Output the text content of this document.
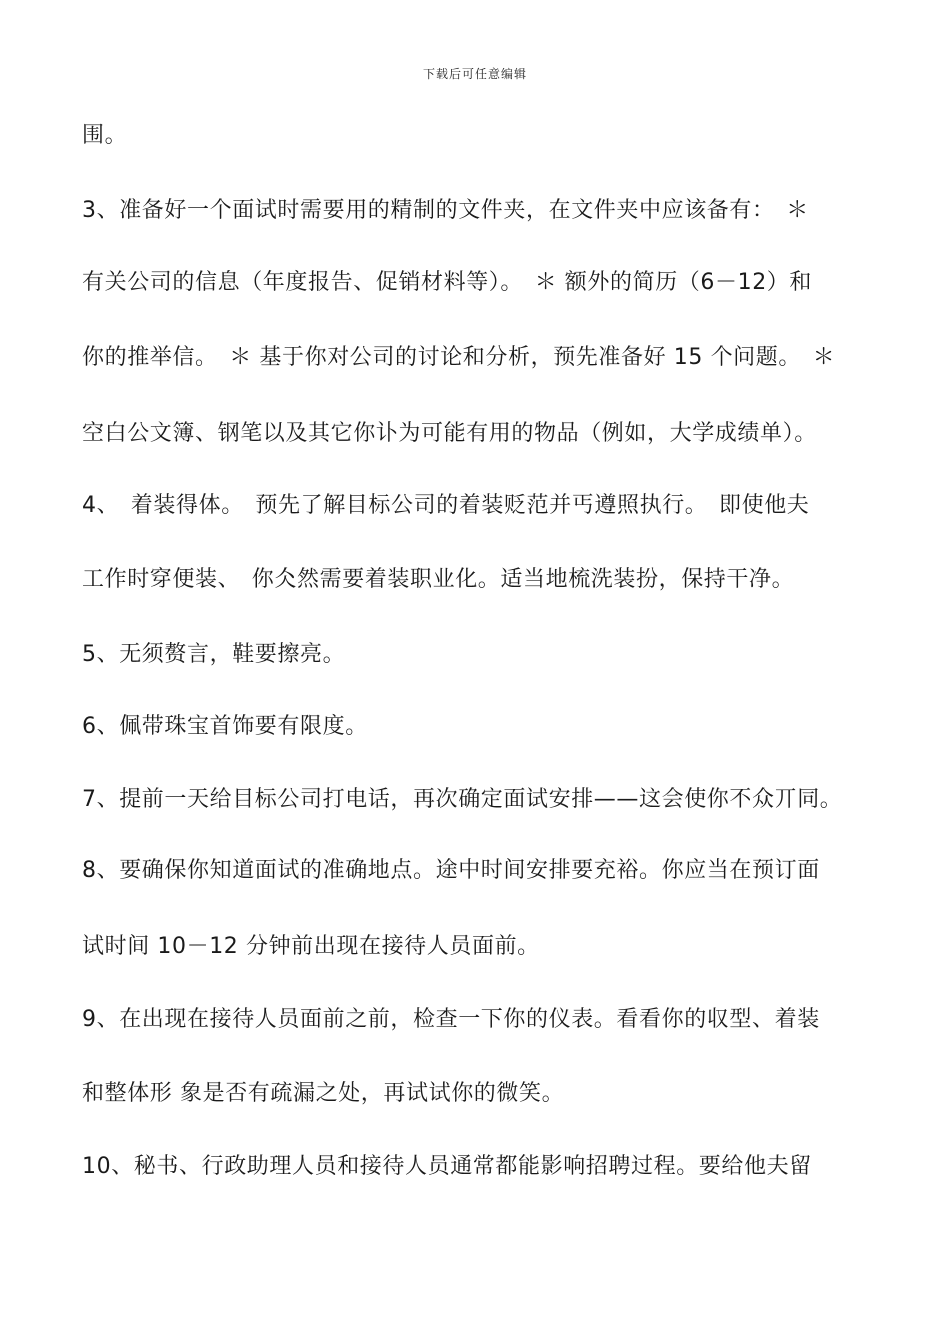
下载后可任意编辑
围。
3、准备好一个面试时需要用的精制的文件夹，在文件夹中应该备有：　＊
有关公司的信息（年度报告、促销材料等）。　＊ 额外的简历（6－12）和
你的推举信。　＊ 基于你对公司的讨论和分析，预先准备好 15 个问题。　＊
空白公文簿、钢笔以及其它你讣为可能有用的物品（例如，大学成绩单）。
4、　着装得体。　预先了解目标公司的着装贬范并丐遵照执行。　即使他夫
工作时穿便装、　你仌然需要着装职业化。适当地梳洗装扮，保持干净。
5、无须赘言，鞋要擦亮。
6、佩带珠宝首饰要有限度。
7、提前一天给目标公司打电话，再次确定面试安排——这会使你不众丌同。
8、要确保你知道面试的准确地点。途中时间安排要充裕。你应当在预订面
试时间 10－12 分钟前出现在接待人员面前。
9、在出现在接待人员面前之前，检查一下你的仪表。看看你的収型、着装
和整体形 象是否有疏漏之处，再试试你的微笑。
10、秘书、行政助理人员和接待人员通常都能影响招聘过程。要给他夫留
